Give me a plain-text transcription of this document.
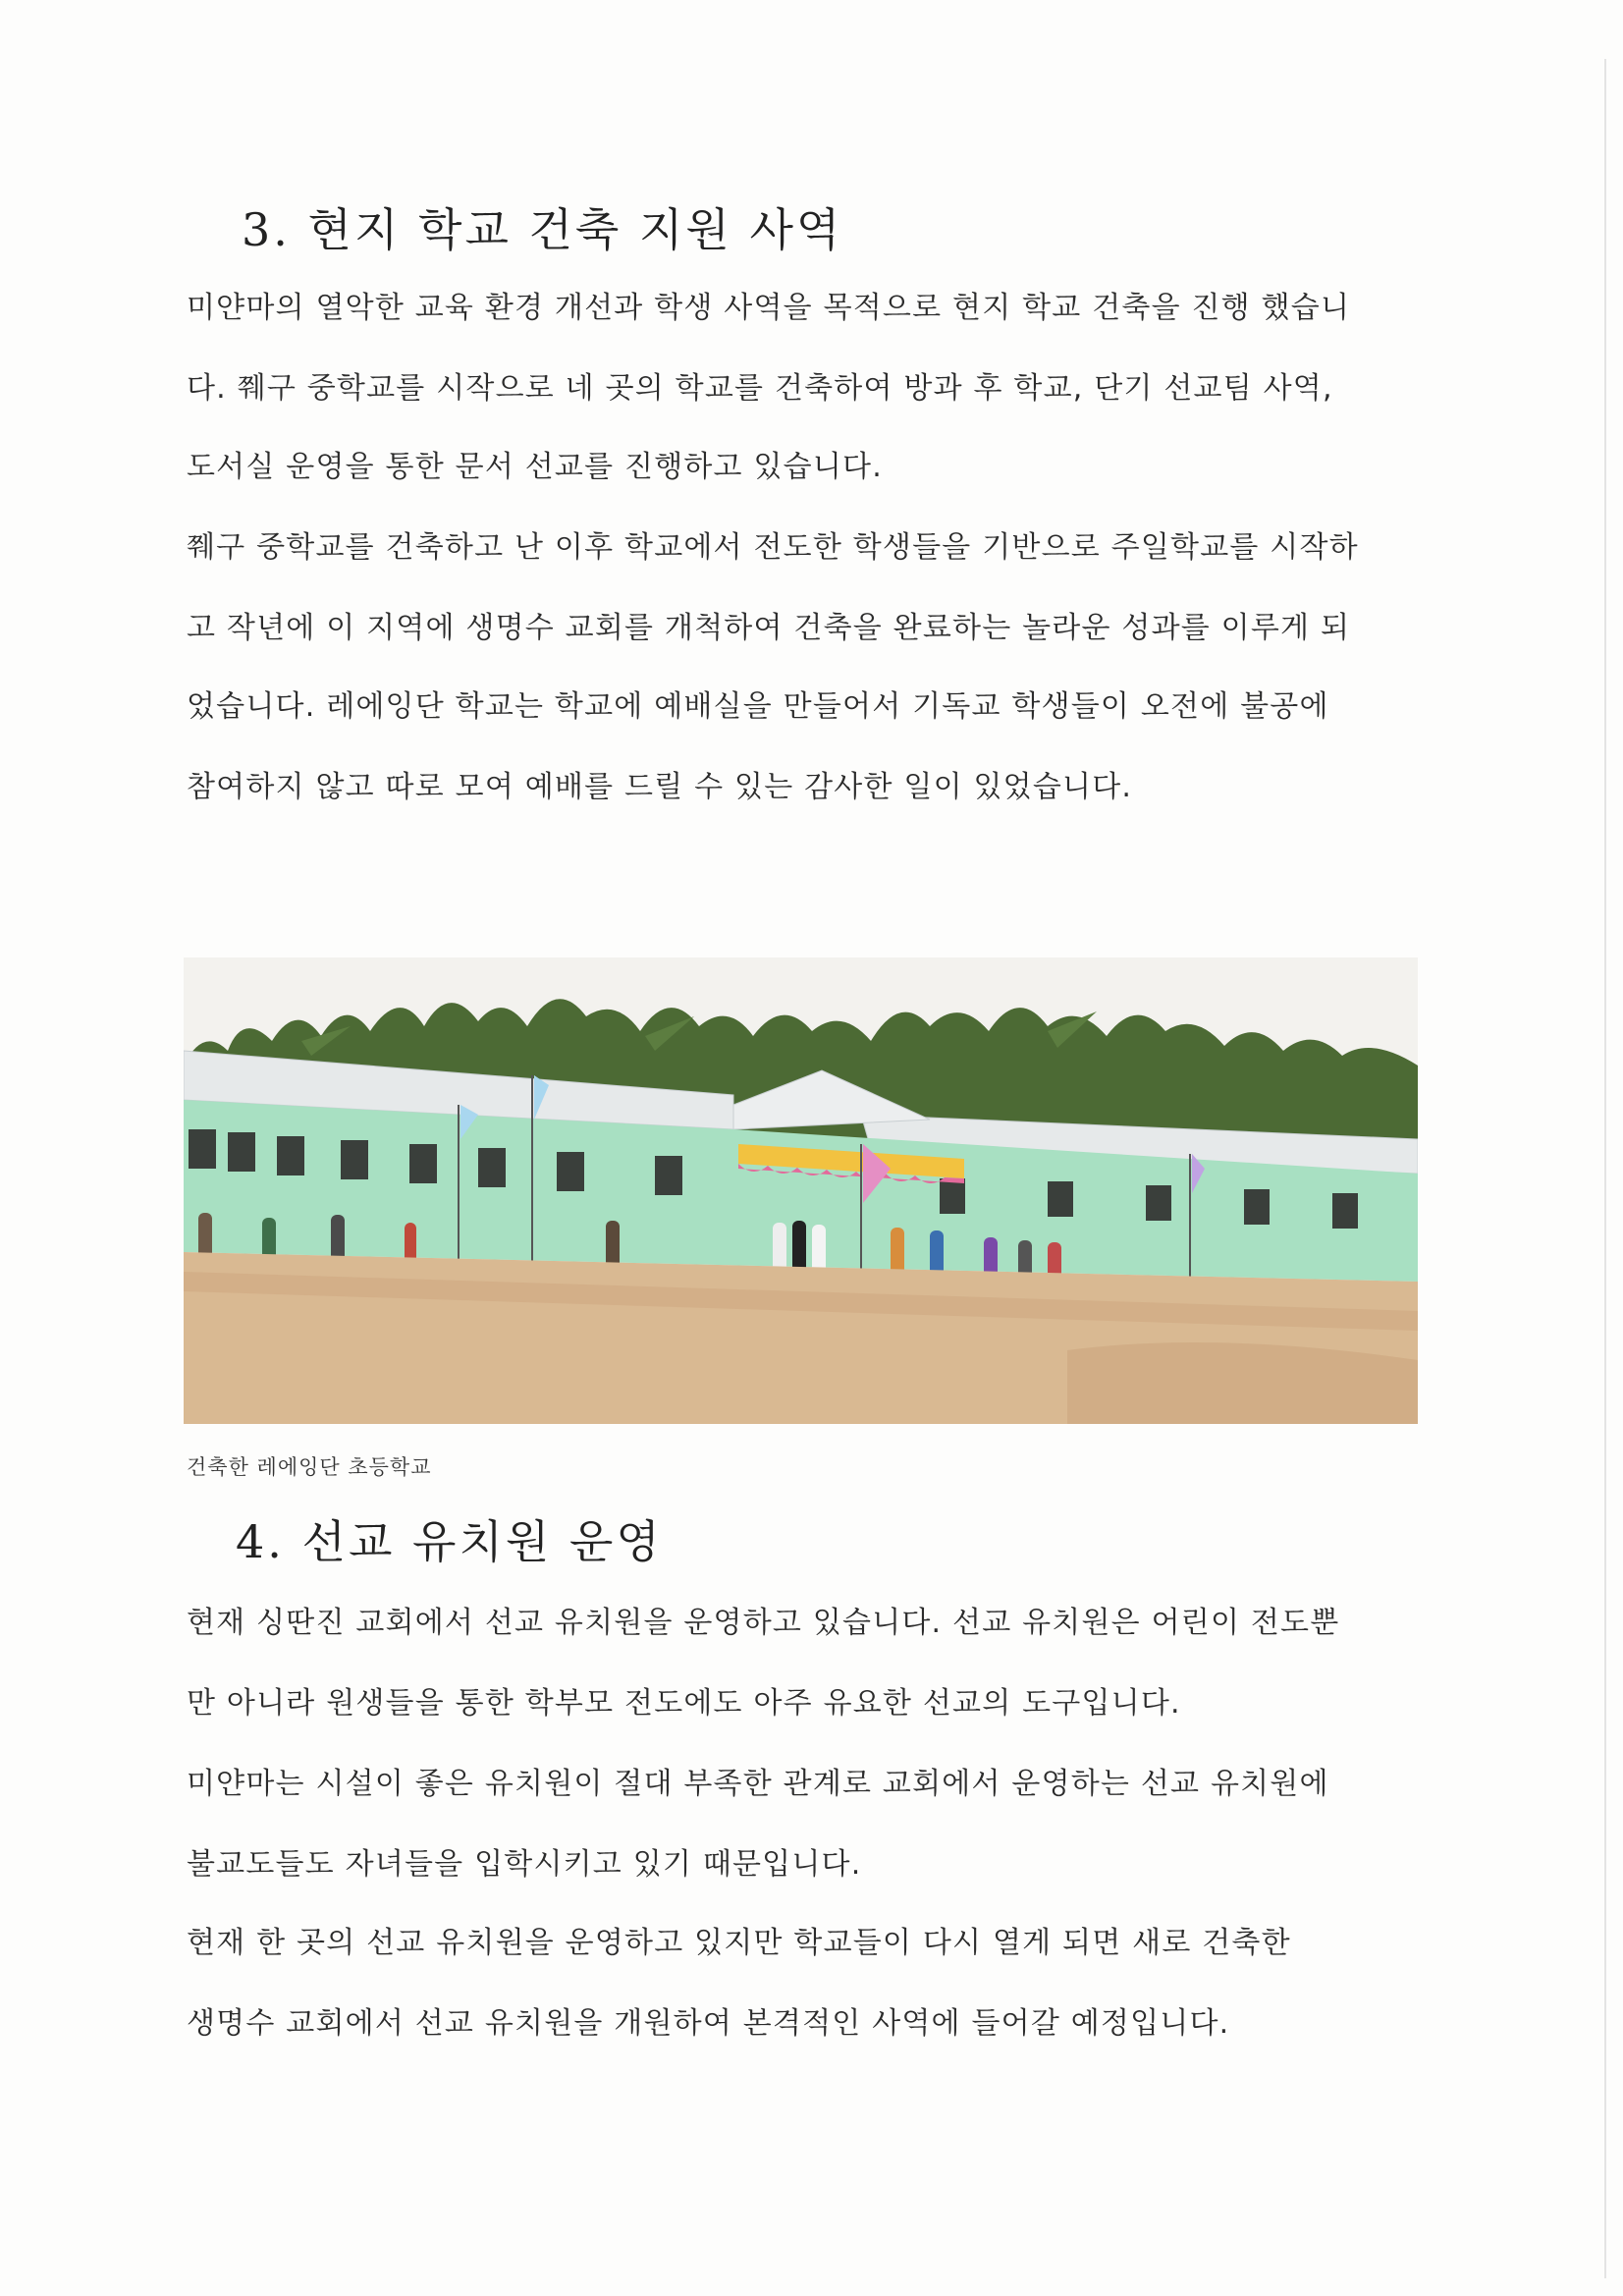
3. 현지 학교 건축 지원 사역
미얀마의 열악한 교육 환경 개선과 학생 사역을 목적으로 현지 학교 건축을 진행 했습니
다. 쮀구 중학교를 시작으로 네 곳의 학교를 건축하여 방과 후 학교, 단기 선교팀 사역,
도서실 운영을 통한 문서 선교를 진행하고 있습니다.
쮀구 중학교를 건축하고 난 이후 학교에서 전도한 학생들을 기반으로 주일학교를 시작하
고 작년에 이 지역에 생명수 교회를 개척하여 건축을 완료하는 놀라운 성과를 이루게 되
었습니다. 레에잉단 학교는 학교에 예배실을 만들어서 기독교 학생들이 오전에 불공에
참여하지 않고 따로 모여 예배를 드릴 수 있는 감사한 일이 있었습니다.
건축한 레에잉단 초등학교
4. 선교 유치원 운영
현재 싱딴진 교회에서 선교 유치원을 운영하고 있습니다. 선교 유치원은 어린이 전도뿐
만 아니라 원생들을 통한 학부모 전도에도 아주 유요한 선교의 도구입니다.
미얀마는 시설이 좋은 유치원이 절대 부족한 관계로 교회에서 운영하는 선교 유치원에
불교도들도 자녀들을 입학시키고 있기 때문입니다.
현재 한 곳의 선교 유치원을 운영하고 있지만 학교들이 다시 열게 되면 새로 건축한
생명수 교회에서 선교 유치원을 개원하여 본격적인 사역에 들어갈 예정입니다.
